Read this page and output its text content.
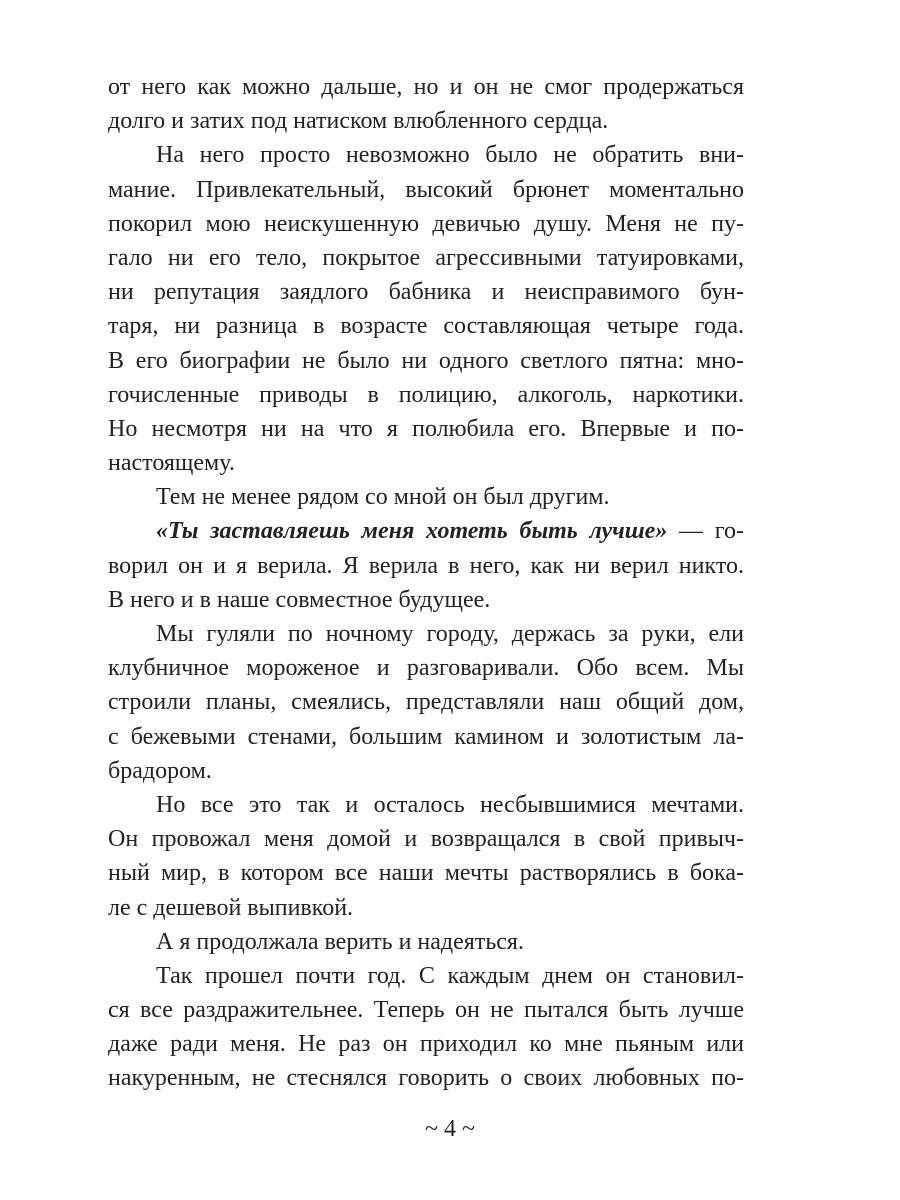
от него как можно дальше, но и он не смог продержаться
долго и затих под натиском влюбленного сердца.
На него просто невозможно было не обратить вни-
мание. Привлекательный, высокий брюнет моментально
покорил мою неискушенную девичью душу. Меня не пу-
гало ни его тело, покрытое агрессивными татуировками,
ни репутация заядлого бабника и неисправимого бун-
таря, ни разница в возрасте составляющая четыре года.
В его биографии не было ни одного светлого пятна: мно-
гочисленные приводы в полицию, алкоголь, наркотики.
Но несмотря ни на что я полюбила его. Впервые и по-
настоящему.
Тем не менее рядом со мной он был другим.
«Ты заставляешь меня хотеть быть лучше» — го-
ворил он и я верила. Я верила в него, как ни верил никто.
В него и в наше совместное будущее.
Мы гуляли по ночному городу, держась за руки, ели
клубничное мороженое и разговаривали. Обо всем. Мы
строили планы, смеялись, представляли наш общий дом,
с бежевыми стенами, большим камином и золотистым ла-
брадором.
Но все это так и осталось несбывшимися мечтами.
Он провожал меня домой и возвращался в свой привыч-
ный мир, в котором все наши мечты растворялись в бока-
ле с дешевой выпивкой.
А я продолжала верить и надеяться.
Так прошел почти год. С каждым днем он становил-
ся все раздражительнее. Теперь он не пытался быть лучше
даже ради меня. Не раз он приходил ко мне пьяным или
накуренным, не стеснялся говорить о своих любовных по-
~ 4 ~
